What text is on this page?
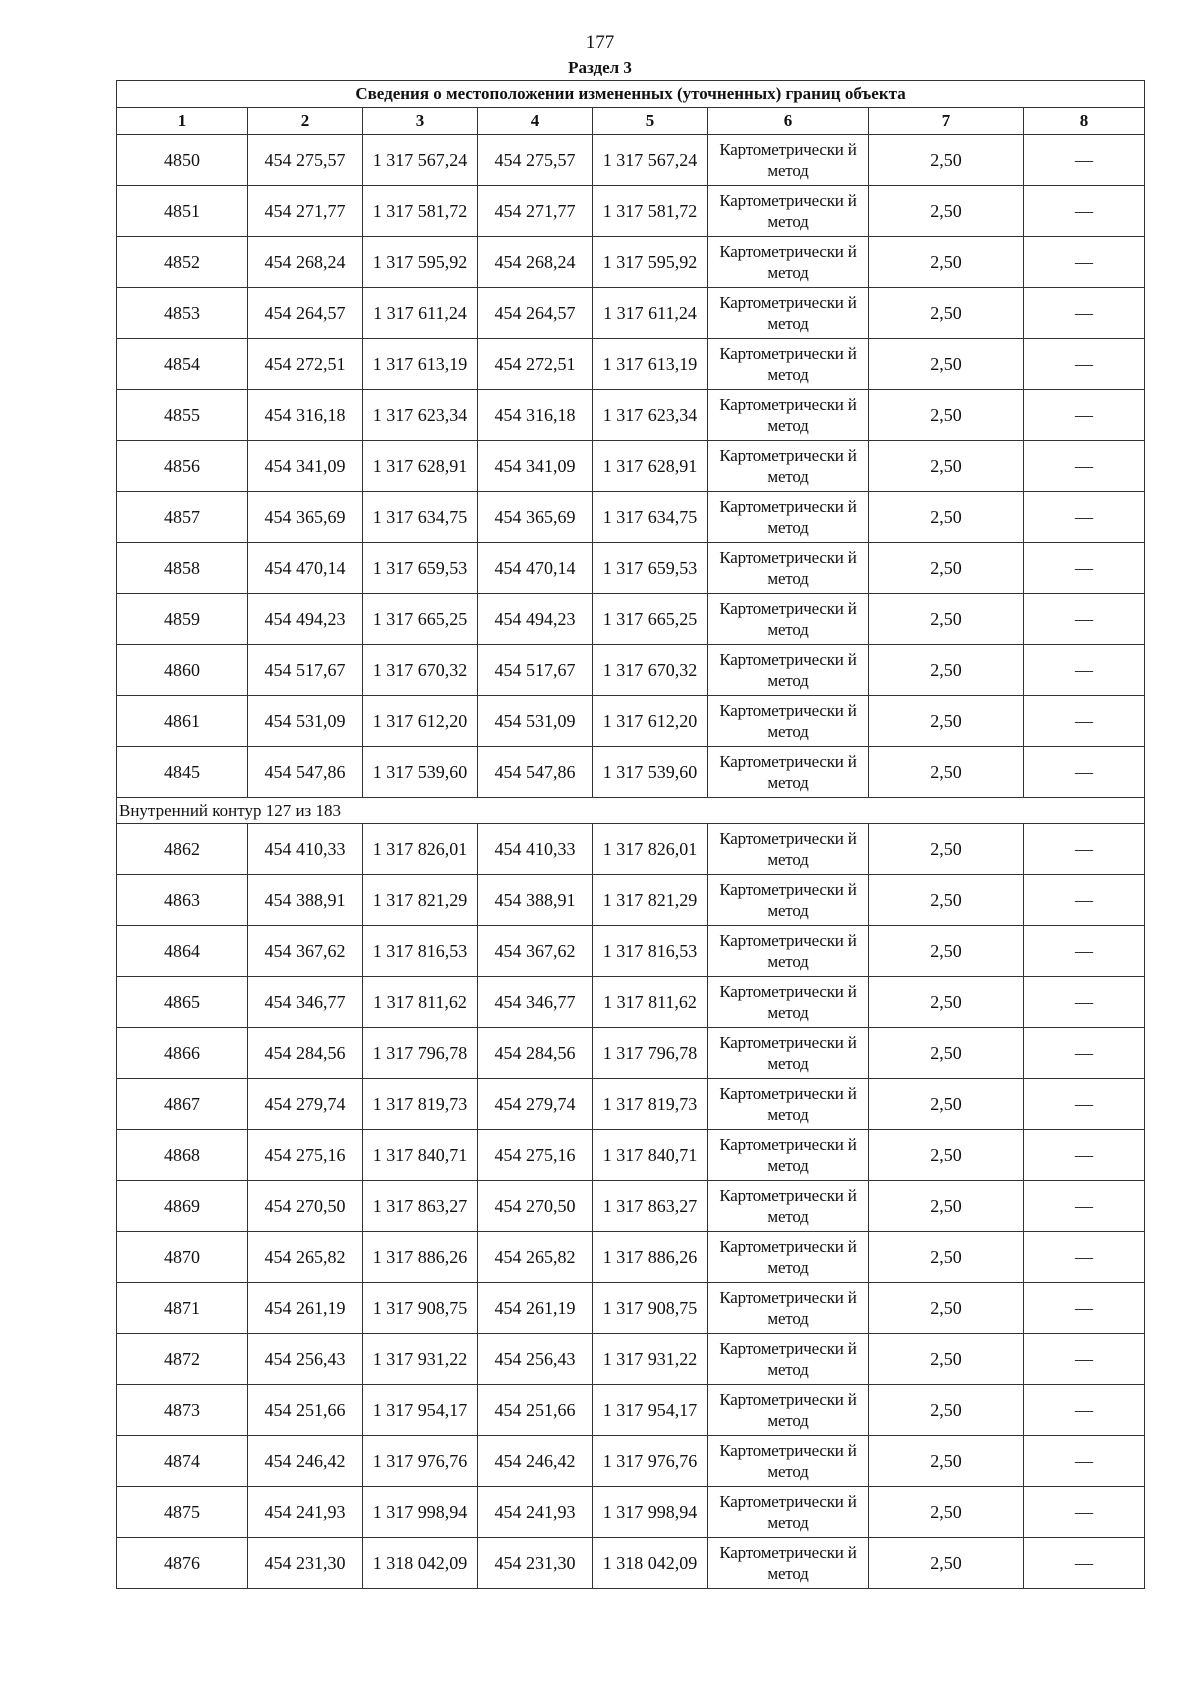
177
Раздел 3
Сведения о местоположении измененных (уточненных) границ объекта							
1	2	3	4	5	6	7	8
4850	454 275,57	1 317 567,24	454 275,57	1 317 567,24	Картометрически й метод	2,50	—
4851	454 271,77	1 317 581,72	454 271,77	1 317 581,72	Картометрически й метод	2,50	—
4852	454 268,24	1 317 595,92	454 268,24	1 317 595,92	Картометрически й метод	2,50	—
4853	454 264,57	1 317 611,24	454 264,57	1 317 611,24	Картометрически й метод	2,50	—
4854	454 272,51	1 317 613,19	454 272,51	1 317 613,19	Картометрически й метод	2,50	—
4855	454 316,18	1 317 623,34	454 316,18	1 317 623,34	Картометрически й метод	2,50	—
4856	454 341,09	1 317 628,91	454 341,09	1 317 628,91	Картометрически й метод	2,50	—
4857	454 365,69	1 317 634,75	454 365,69	1 317 634,75	Картометрически й метод	2,50	—
4858	454 470,14	1 317 659,53	454 470,14	1 317 659,53	Картометрически й метод	2,50	—
4859	454 494,23	1 317 665,25	454 494,23	1 317 665,25	Картометрически й метод	2,50	—
4860	454 517,67	1 317 670,32	454 517,67	1 317 670,32	Картометрически й метод	2,50	—
4861	454 531,09	1 317 612,20	454 531,09	1 317 612,20	Картометрически й метод	2,50	—
4845	454 547,86	1 317 539,60	454 547,86	1 317 539,60	Картометрически й метод	2,50	—
Внутренний контур 127 из 183							
4862	454 410,33	1 317 826,01	454 410,33	1 317 826,01	Картометрически й метод	2,50	—
4863	454 388,91	1 317 821,29	454 388,91	1 317 821,29	Картометрически й метод	2,50	—
4864	454 367,62	1 317 816,53	454 367,62	1 317 816,53	Картометрически й метод	2,50	—
4865	454 346,77	1 317 811,62	454 346,77	1 317 811,62	Картометрически й метод	2,50	—
4866	454 284,56	1 317 796,78	454 284,56	1 317 796,78	Картометрически й метод	2,50	—
4867	454 279,74	1 317 819,73	454 279,74	1 317 819,73	Картометрически й метод	2,50	—
4868	454 275,16	1 317 840,71	454 275,16	1 317 840,71	Картометрически й метод	2,50	—
4869	454 270,50	1 317 863,27	454 270,50	1 317 863,27	Картометрически й метод	2,50	—
4870	454 265,82	1 317 886,26	454 265,82	1 317 886,26	Картометрически й метод	2,50	—
4871	454 261,19	1 317 908,75	454 261,19	1 317 908,75	Картометрически й метод	2,50	—
4872	454 256,43	1 317 931,22	454 256,43	1 317 931,22	Картометрически й метод	2,50	—
4873	454 251,66	1 317 954,17	454 251,66	1 317 954,17	Картометрически й метод	2,50	—
4874	454 246,42	1 317 976,76	454 246,42	1 317 976,76	Картометрически й метод	2,50	—
4875	454 241,93	1 317 998,94	454 241,93	1 317 998,94	Картометрически й метод	2,50	—
4876	454 231,30	1 318 042,09	454 231,30	1 318 042,09	Картометрически й метод	2,50	—
